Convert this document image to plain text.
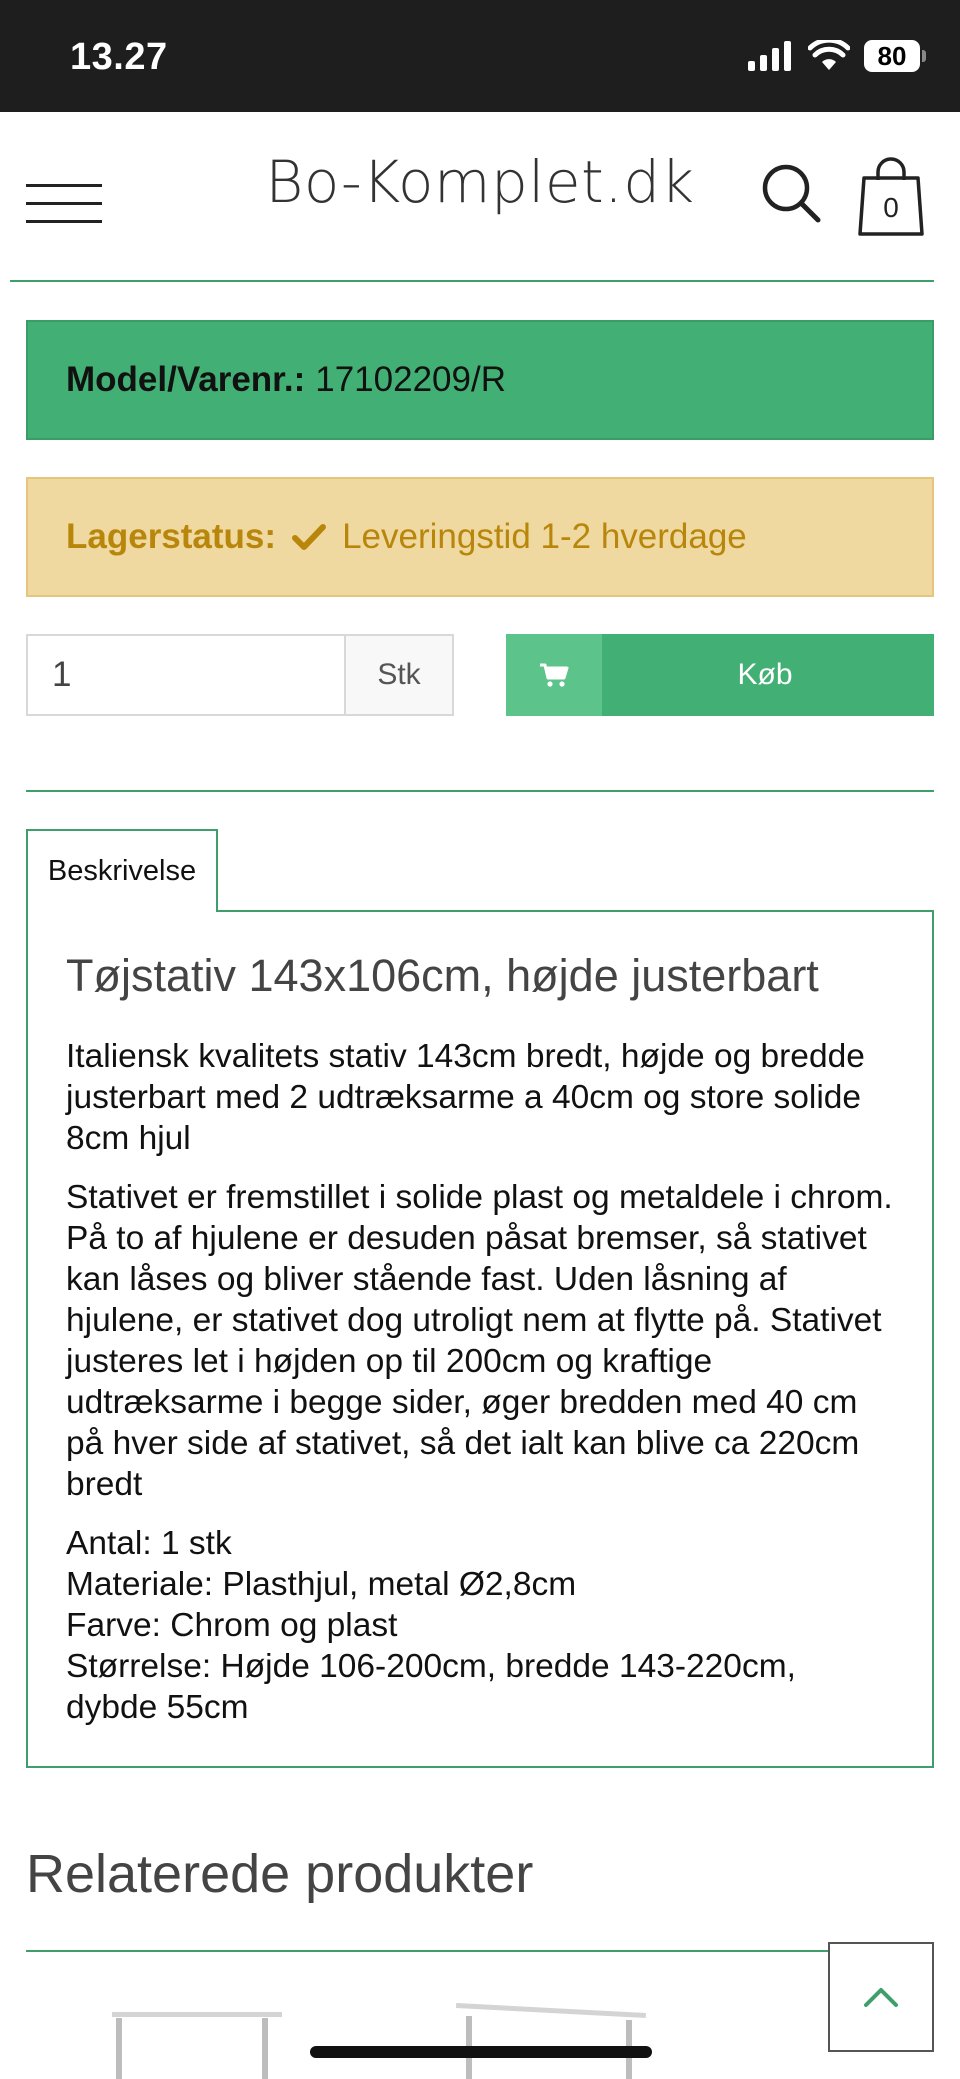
13.27	80
Bo-Komplet.dk	0
Model/Varenr.: 17102209/R
Lagerstatus: Leveringstid 1-2 hverdage
1
Stk	Køb
Beskrivelse
Tøjstativ 143x106cm, højde justerbart

Italiensk kvalitets stativ 143cm bredt, højde og bredde justerbart med 2 udtræksarme a 40cm og store solide 8cm hjul

Stativet er fremstillet i solide plast og metaldele i chrom. På to af hjulene er desuden påsat bremser, så stativet kan låses og bliver stående fast. Uden låsning af hjulene, er stativet dog utroligt nem at flytte på. Stativet justeres let i højden op til 200cm og kraftige udtræksarme i begge sider, øger bredden med 40 cm på hver side af stativet, så det ialt kan blive ca 220cm bredt

Antal: 1 stk

Materiale: Plasthjul, metal Ø2,8cm

Farve: Chrom og plast

Størrelse: Højde 106-200cm, bredde 143-220cm, dybde 55cm

Relaterede produkter
